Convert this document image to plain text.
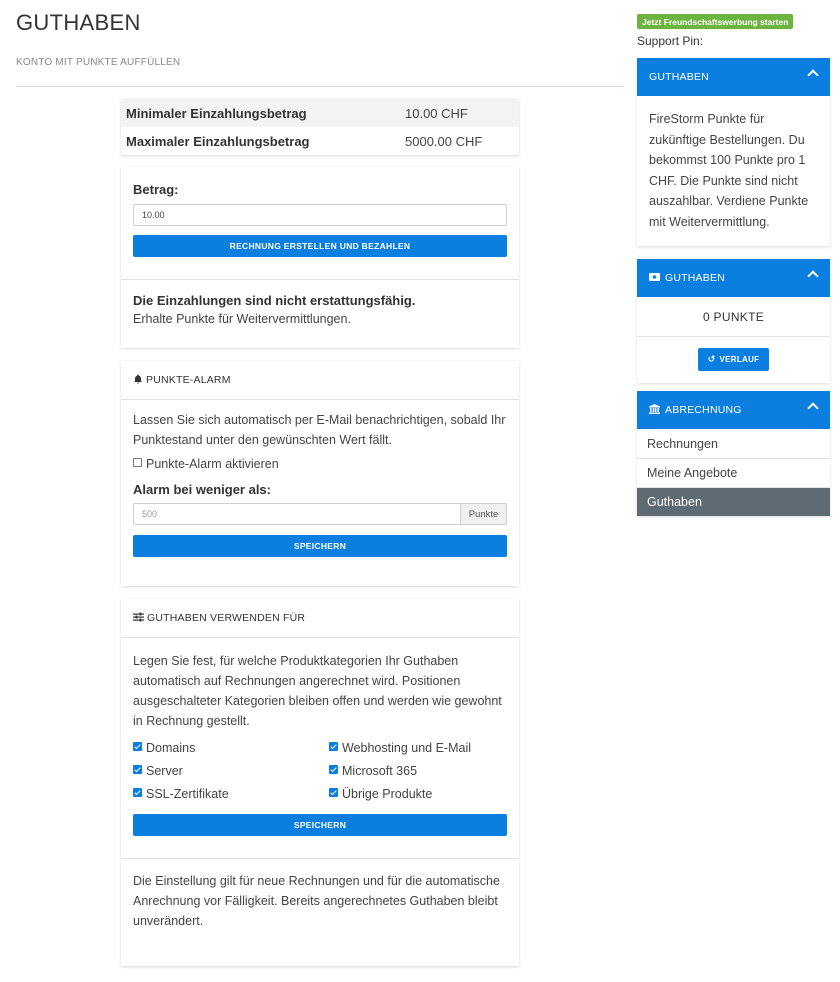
GUTHABEN
KONTO MIT PUNKTE AUFFÜLLEN
Minimaler Einzahlungsbetrag	10.00 CHF
Maximaler Einzahlungsbetrag	5000.00 CHF
Betrag:
10.00
RECHNUNG ERSTELLEN UND BEZAHLEN
Die Einzahlungen sind nicht erstattungsfähig.
Erhalte Punkte für Weitervermittlungen.
PUNKTE-ALARM
Lassen Sie sich automatisch per E-Mail benachrichtigen, sobald Ihr Punktestand unter den gewünschten Wert fällt.
Punkte-Alarm aktivieren
Alarm bei weniger als:
500	Punkte
SPEICHERN
GUTHABEN VERWENDEN FÜR
Legen Sie fest, für welche Produktkategorien Ihr Guthaben automatisch auf Rechnungen angerechnet wird. Positionen ausgeschalteter Kategorien bleiben offen und werden wie gewohnt in Rechnung gestellt.
Domains	Webhosting und E-Mail
Server	Microsoft 365
SSL-Zertifikate	Übrige Produkte
SPEICHERN
Die Einstellung gilt für neue Rechnungen und für die automatische Anrechnung vor Fälligkeit. Bereits angerechnetes Guthaben bleibt unverändert.
Jetzt Freundschaftswerbung starten
Support Pin:
GUTHABEN
FireStorm Punkte für zukünftige Bestellungen. Du bekommst 100 Punkte pro 1 CHF. Die Punkte sind nicht auszahlbar. Verdiene Punkte mit Weitervermittlung.
GUTHABEN
0 PUNKTE
↺ VERLAUF
ABRECHNUNG
Rechnungen
Meine Angebote
Guthaben
